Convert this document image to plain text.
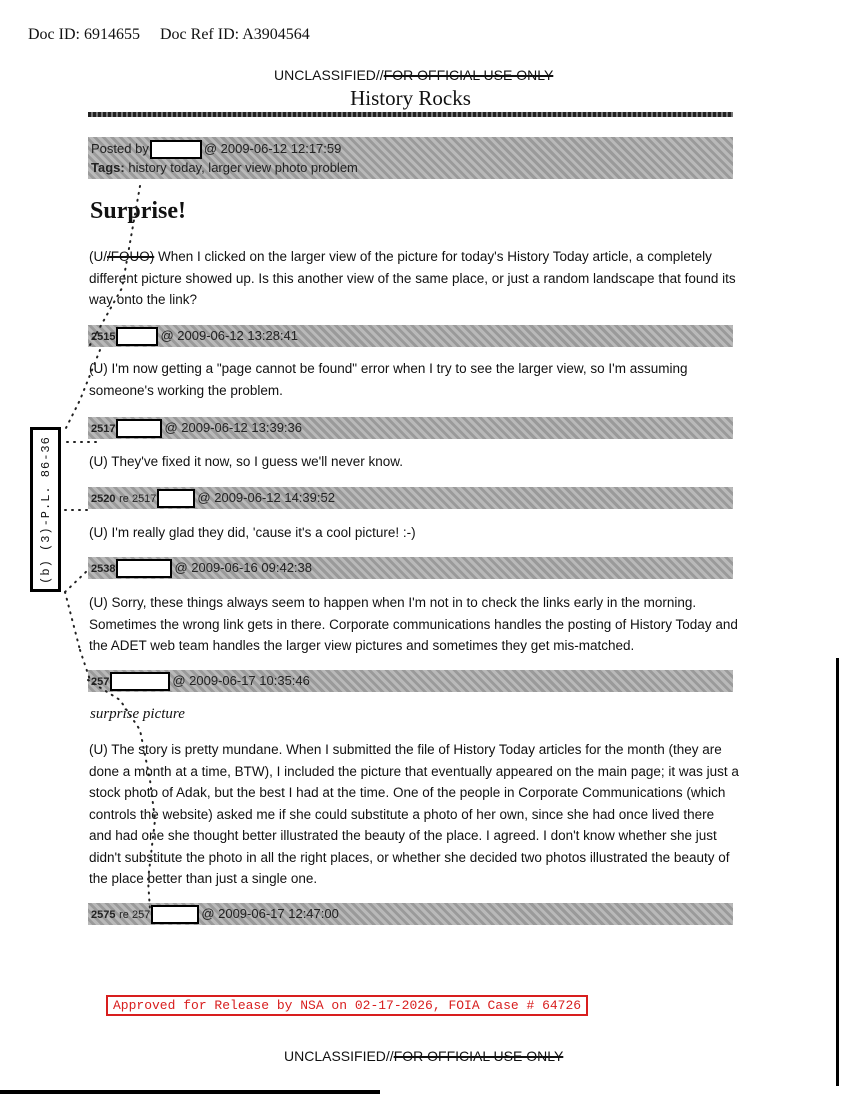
Doc ID: 6914655 Doc Ref ID: A3904564
UNCLASSIFIED//FOR OFFICIAL USE ONLY
History Rocks
Posted by	@ 2009-06-12 12:17:59
Tags: history today, larger view photo problem
Surprise!
(U//FOUO) When I clicked on the larger view of the picture for today's History Today article, a completely different picture showed up. Is this another view of the same place, or just a random landscape that found its way onto the link?
2515	@ 2009-06-12 13:28:41
(U) I'm now getting a "page cannot be found" error when I try to see the larger view, so I'm assuming someone's working the problem.
2517	@ 2009-06-12 13:39:36
(U) They've fixed it now, so I guess we'll never know.
2520 re 2517	@ 2009-06-12 14:39:52
(U) I'm really glad they did, 'cause it's a cool picture! :-)
2538	@ 2009-06-16 09:42:38
(U) Sorry, these things always seem to happen when I'm not in to check the links early in the morning. Sometimes the wrong link gets in there. Corporate communications handles the posting of History Today and the ADET web team handles the larger view pictures and sometimes they get mis-matched.
257	@ 2009-06-17 10:35:46
surprise picture
(U) The story is pretty mundane. When I submitted the file of History Today articles for the month (they are done a month at a time, BTW), I included the picture that eventually appeared on the main page; it was just a stock photo of Adak, but the best I had at the time. One of the people in Corporate Communications (which controls the website) asked me if she could substitute a photo of her own, since she had once lived there and had one she thought better illustrated the beauty of the place. I agreed. I don't know whether she just didn't substitute the photo in all the right places, or whether she decided two photos illustrated the beauty of the place better than just a single one.
2575 re 257	@ 2009-06-17 12:47:00
(b) (3)-P.L. 86-36
Approved for Release by NSA on 02-17-2026, FOIA Case # 64726
UNCLASSIFIED//FOR OFFICIAL USE ONLY
